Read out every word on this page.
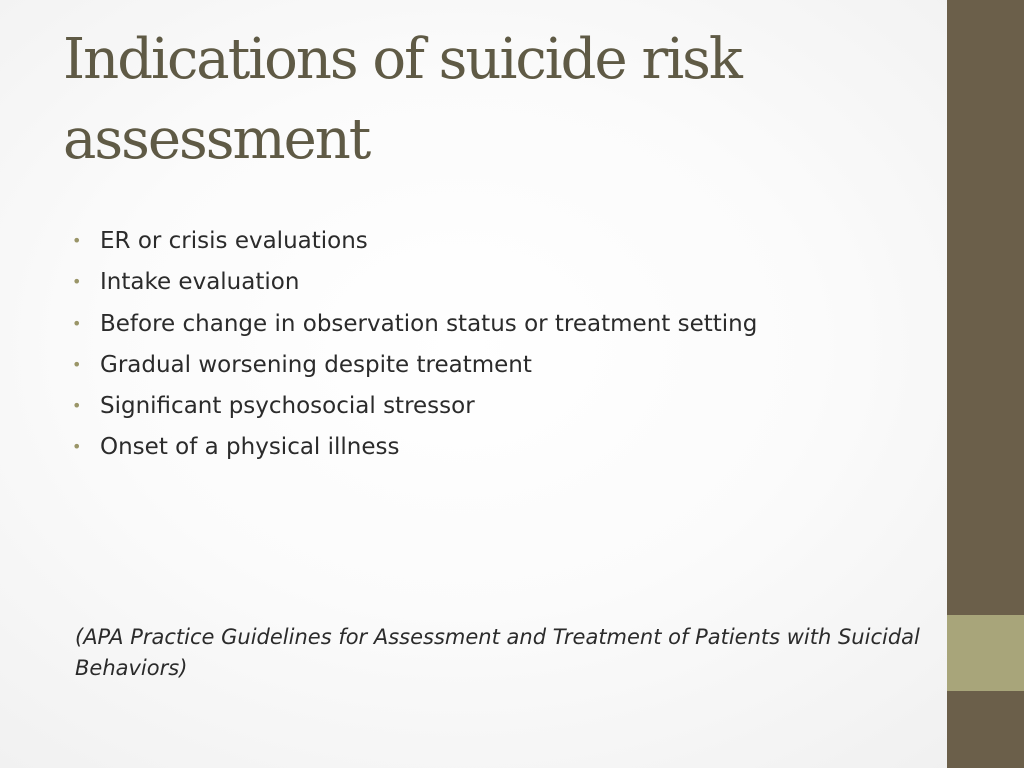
Indications of suicide risk assessment
• ER or crisis evaluations
• Intake evaluation
• Before change in observation status or treatment setting
• Gradual worsening despite treatment
• Significant psychosocial stressor
• Onset of a physical illness

(APA Practice Guidelines for Assessment and Treatment of Patients with Suicidal Behaviors)
